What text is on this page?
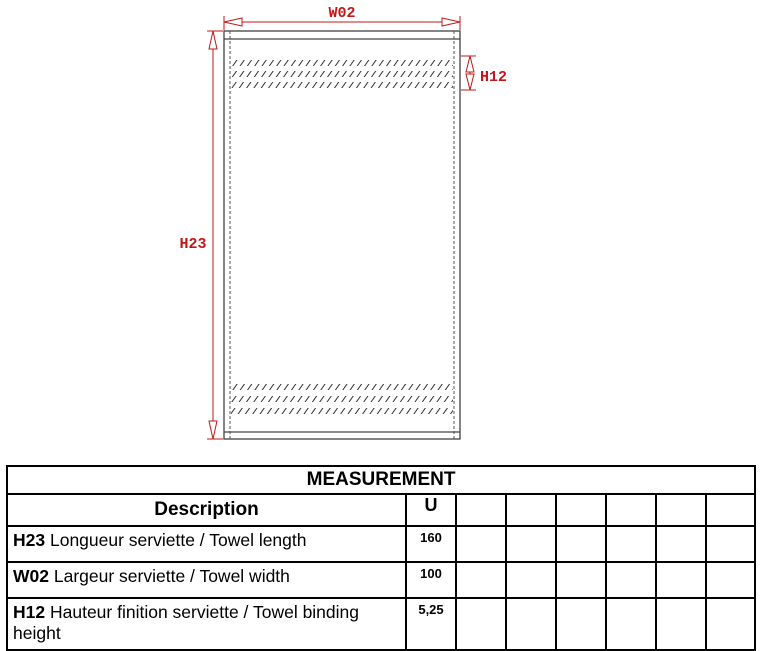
W02
H23
H12
MEASUREMENT							
Description	U						
H23 Longueur serviette / Towel length	160						
W02 Largeur serviette / Towel width	100						
H12 Hauteur finition serviette / Towel binding height	5,25						
